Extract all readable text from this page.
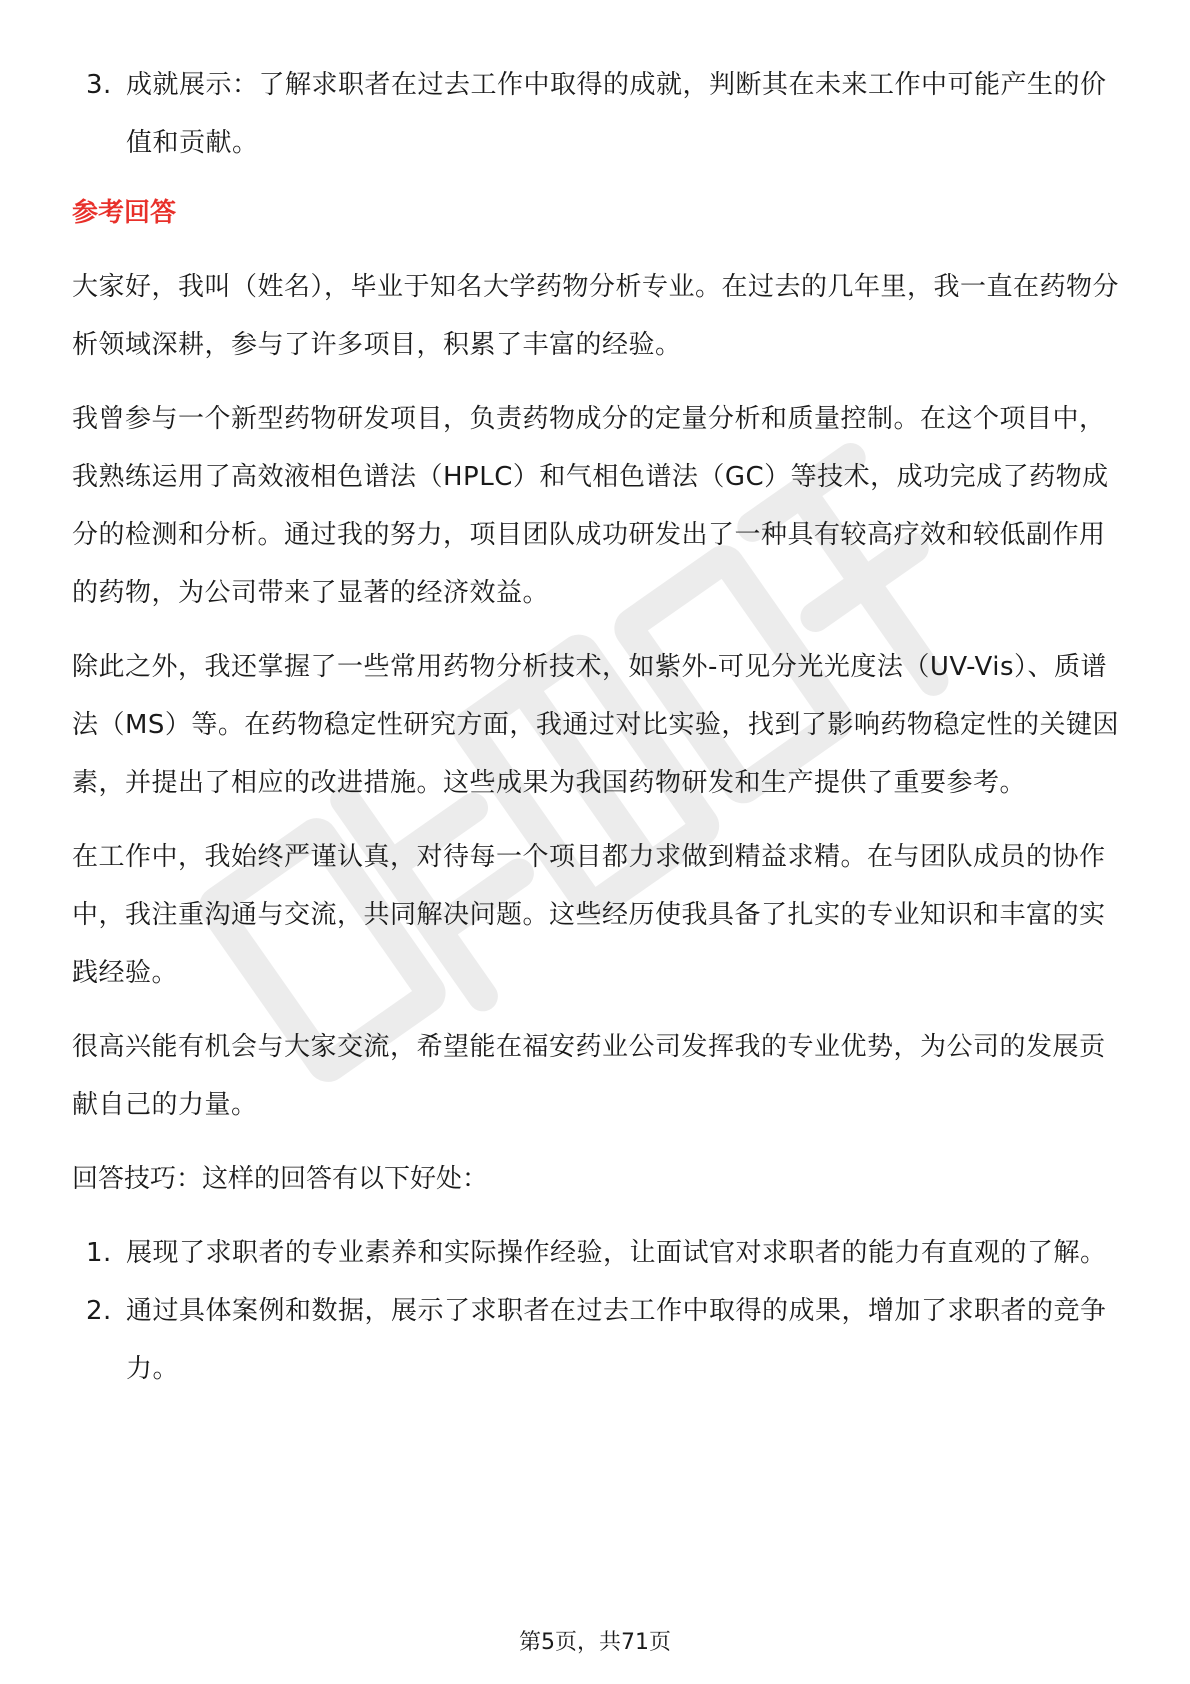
3. 成就展示：了解求职者在过去工作中取得的成就，判断其在未来工作中可能产生的价值和贡献。
参考回答
大家好，我叫（姓名），毕业于知名大学药物分析专业。在过去的几年里，我一直在药物分析领域深耕，参与了许多项目，积累了丰富的经验。
我曾参与一个新型药物研发项目，负责药物成分的定量分析和质量控制。在这个项目中，我熟练运用了高效液相色谱法（HPLC）和气相色谱法（GC）等技术，成功完成了药物成分的检测和分析。通过我的努力，项目团队成功研发出了一种具有较高疗效和较低副作用的药物，为公司带来了显著的经济效益。
除此之外，我还掌握了一些常用药物分析技术，如紫外-可见分光光度法（UV-Vis）、质谱法（MS）等。在药物稳定性研究方面，我通过对比实验，找到了影响药物稳定性的关键因素，并提出了相应的改进措施。这些成果为我国药物研发和生产提供了重要参考。
在工作中，我始终严谨认真，对待每一个项目都力求做到精益求精。在与团队成员的协作中，我注重沟通与交流，共同解决问题。这些经历使我具备了扎实的专业知识和丰富的实践经验。
很高兴能有机会与大家交流，希望能在福安药业公司发挥我的专业优势，为公司的发展贡献自己的力量。
回答技巧：这样的回答有以下好处：
1. 展现了求职者的专业素养和实际操作经验，让面试官对求职者的能力有直观的了解。
2. 通过具体案例和数据，展示了求职者在过去工作中取得的成果，增加了求职者的竞争力。
第5页，共71页
